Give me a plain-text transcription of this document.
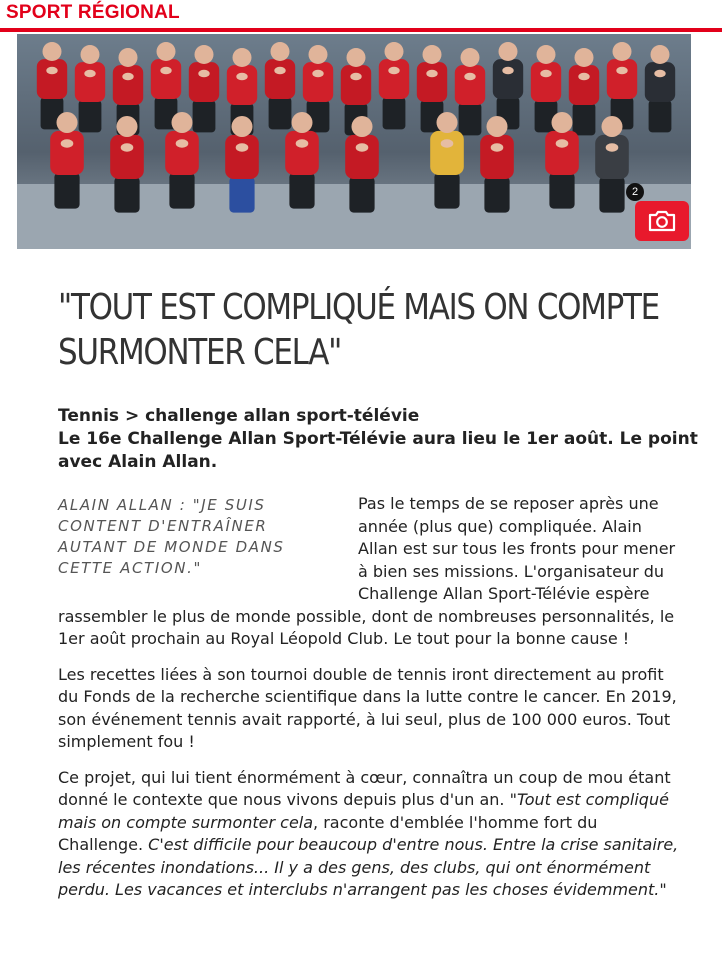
SPORT RÉGIONAL
2
"TOUT EST COMPLIQUÉ MAIS ON COMPTE
SURMONTER CELA"
Tennis > challenge allan sport-télévie
Le 16e Challenge Allan Sport-Télévie aura lieu le 1er août. Le point avec Alain Allan.
ALAIN ALLAN : "JE SUIS CONTENT D'ENTRAÎNER AUTANT DE MONDE DANS CETTE ACTION."

Pas le temps de se reposer après une année (plus que) compliquée. Alain Allan est sur tous les fronts pour mener à bien ses missions. L'organisateur du Challenge Allan Sport-Télévie espère rassembler le plus de monde possible, dont de nombreuses personnalités, le 1er août prochain au Royal Léopold Club. Le tout pour la bonne cause !

Les recettes liées à son tournoi double de tennis iront directement au profit du Fonds de la recherche scientifique dans la lutte contre le cancer. En 2019, son événement tennis avait rapporté, à lui seul, plus de 100 000 euros. Tout simplement fou !

Ce projet, qui lui tient énormément à cœur, connaîtra un coup de mou étant donné le contexte que nous vivons depuis plus d'un an. "Tout est compliqué mais on compte surmonter cela, raconte d'emblée l'homme fort du Challenge. C'est difficile pour beaucoup d'entre nous. Entre la crise sanitaire, les récentes inondations... Il y a des gens, des clubs, qui ont énormément perdu. Les vacances et interclubs n'arrangent pas les choses évidemment."
